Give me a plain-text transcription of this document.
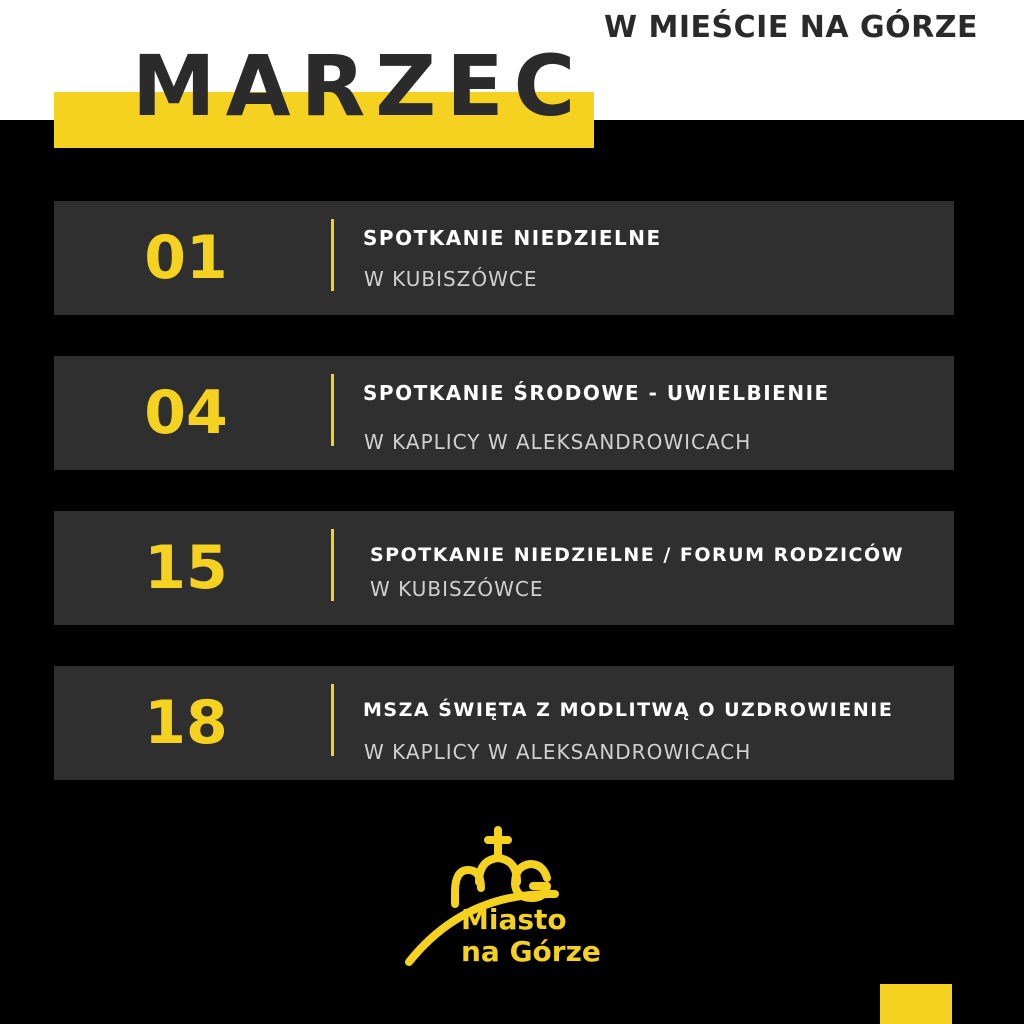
W MIEŚCIE NA GÓRZE
MARZEC
01	SPOTKANIE NIEDZIELNE
W KUBISZÓWCE
04	SPOTKANIE ŚRODOWE - UWIELBIENIE
W KAPLICY W ALEKSANDROWICACH
15	SPOTKANIE NIEDZIELNE / FORUM RODZICÓW
W KUBISZÓWCE
18	MSZA ŚWIĘTA Z MODLITWĄ O UZDROWIENIE
W KAPLICY W ALEKSANDROWICACH
Miasto
na Górze
